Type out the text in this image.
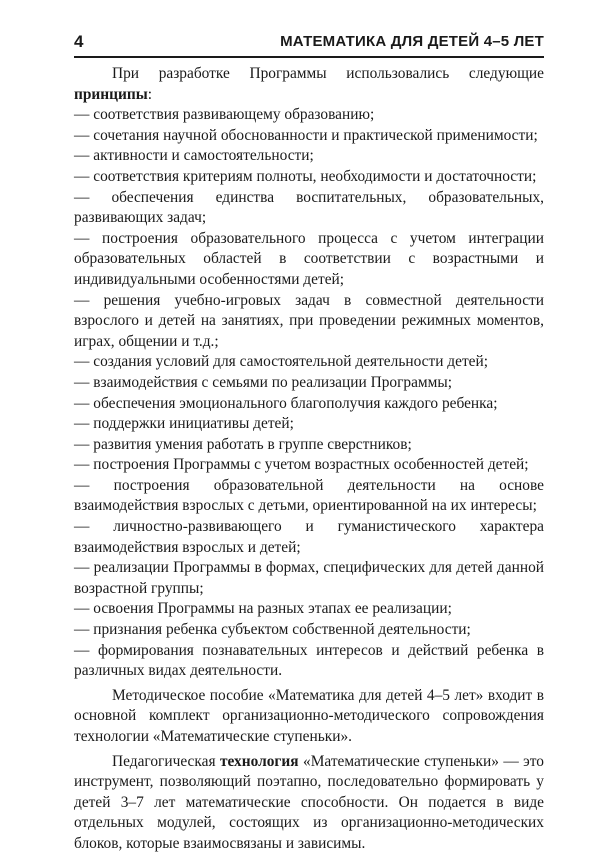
4	МАТЕМАТИКА ДЛЯ ДЕТЕЙ 4–5 ЛЕТ

При разработке Программы использовались следующие принципы:

— соответствия развивающему образованию;
— сочетания научной обоснованности и практической применимости;
— активности и самостоятельности;
— соответствия критериям полноты, необходимости и достаточности;
— обеспечения единства воспитательных, образовательных, развивающих задач;
— построения образовательного процесса с учетом интеграции образовательных областей в соответствии с возрастными и индивидуальными особенностями детей;
— решения учебно-игровых задач в совместной деятельности взрослого и детей на занятиях, при проведении режимных моментов, играх, общении и т.д.;
— создания условий для самостоятельной деятельности детей;
— взаимодействия с семьями по реализации Программы;
— обеспечения эмоционального благополучия каждого ребенка;
— поддержки инициативы детей;
— развития умения работать в группе сверстников;
— построения Программы с учетом возрастных особенностей детей;
— построения образовательной деятельности на основе взаимодействия взрослых с детьми, ориентированной на их интересы;
— личностно-развивающего и гуманистического характера взаимодействия взрослых и детей;
— реализации Программы в формах, специфических для детей данной возрастной группы;
— освоения Программы на разных этапах ее реализации;
— признания ребенка субъектом собственной деятельности;
— формирования познавательных интересов и действий ребенка в различных видах деятельности.

Методическое пособие «Математика для детей 4–5 лет» входит в основной комплект организационно-методического сопровождения технологии «Математические ступеньки».

Педагогическая технология «Математические ступеньки» — это инструмент, позволяющий поэтапно, последовательно формировать у детей 3–7 лет математические способности. Он подается в виде отдельных модулей, состоящих из организационно-методических блоков, которые взаимосвязаны и зависимы.
